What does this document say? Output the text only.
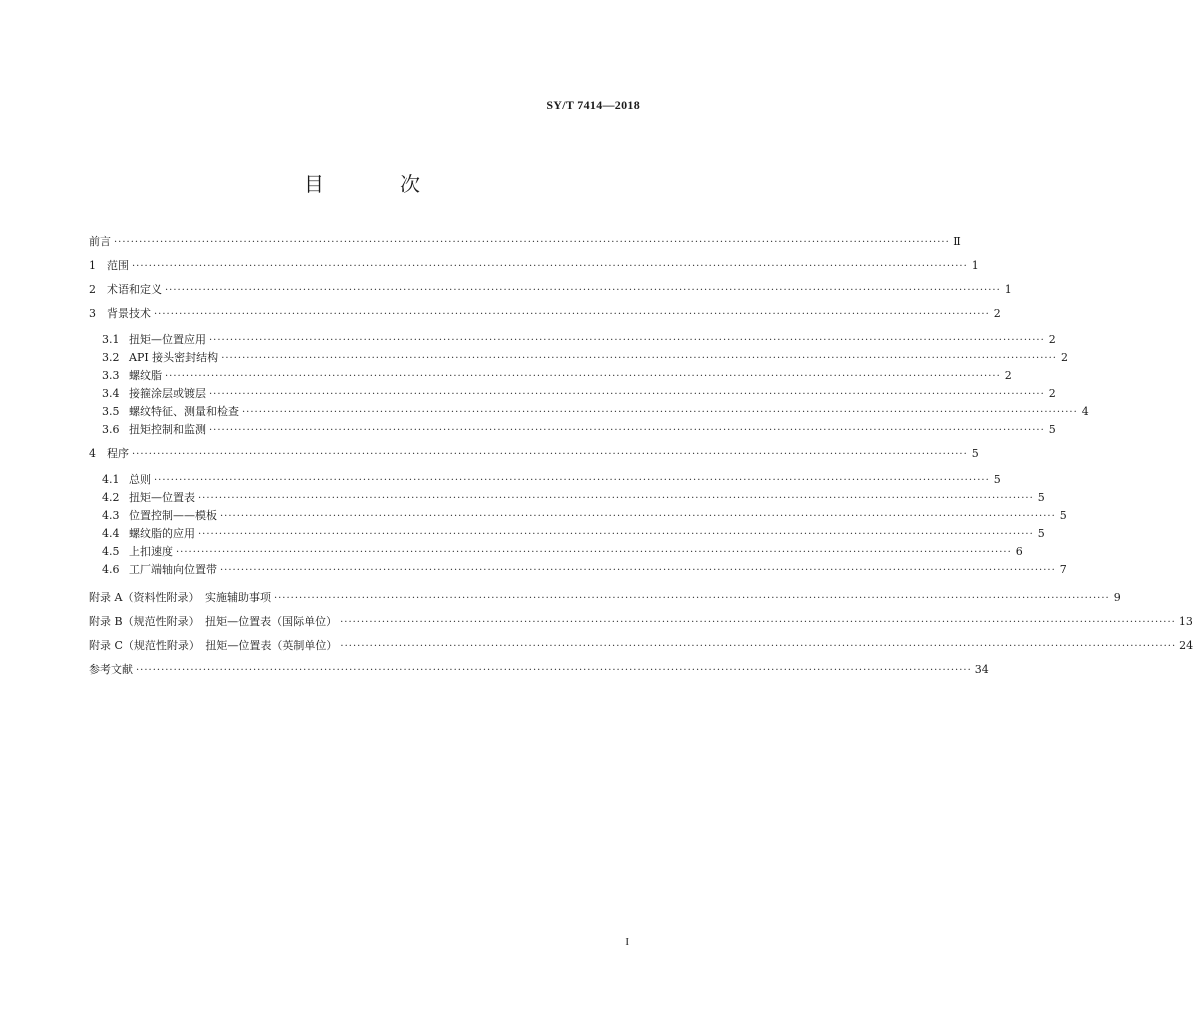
SY/T 7414—2018
目　次
前言 ········································································································································································································ Ⅱ
1 范围 ········································································································································································································ 1
2 术语和定义 ········································································································································································································ 1
3 背景技术 ········································································································································································································ 2
3.1 扭矩—位置应用 ········································································································································································································ 2
3.2 API 接头密封结构 ········································································································································································································ 2
3.3 螺纹脂 ········································································································································································································ 2
3.4 接箍涂层或镀层 ········································································································································································································ 2
3.5 螺纹特征、测量和检查 ········································································································································································································ 4
3.6 扭矩控制和监测 ········································································································································································································ 5
4 程序 ········································································································································································································ 5
4.1 总则 ········································································································································································································ 5
4.2 扭矩—位置表 ········································································································································································································ 5
4.3 位置控制——模板 ········································································································································································································ 5
4.4 螺纹脂的应用 ········································································································································································································ 5
4.5 上扣速度 ········································································································································································································ 6
4.6 工厂端轴向位置带 ········································································································································································································ 7
附录 A（资料性附录）　实施辅助事项 ········································································································································································································ 9
附录 B（规范性附录）　扭矩—位置表（国际单位） ········································································································································································································ 13
附录 C（规范性附录）　扭矩—位置表（英制单位） ········································································································································································································ 24
参考文献 ········································································································································································································ 34
I
